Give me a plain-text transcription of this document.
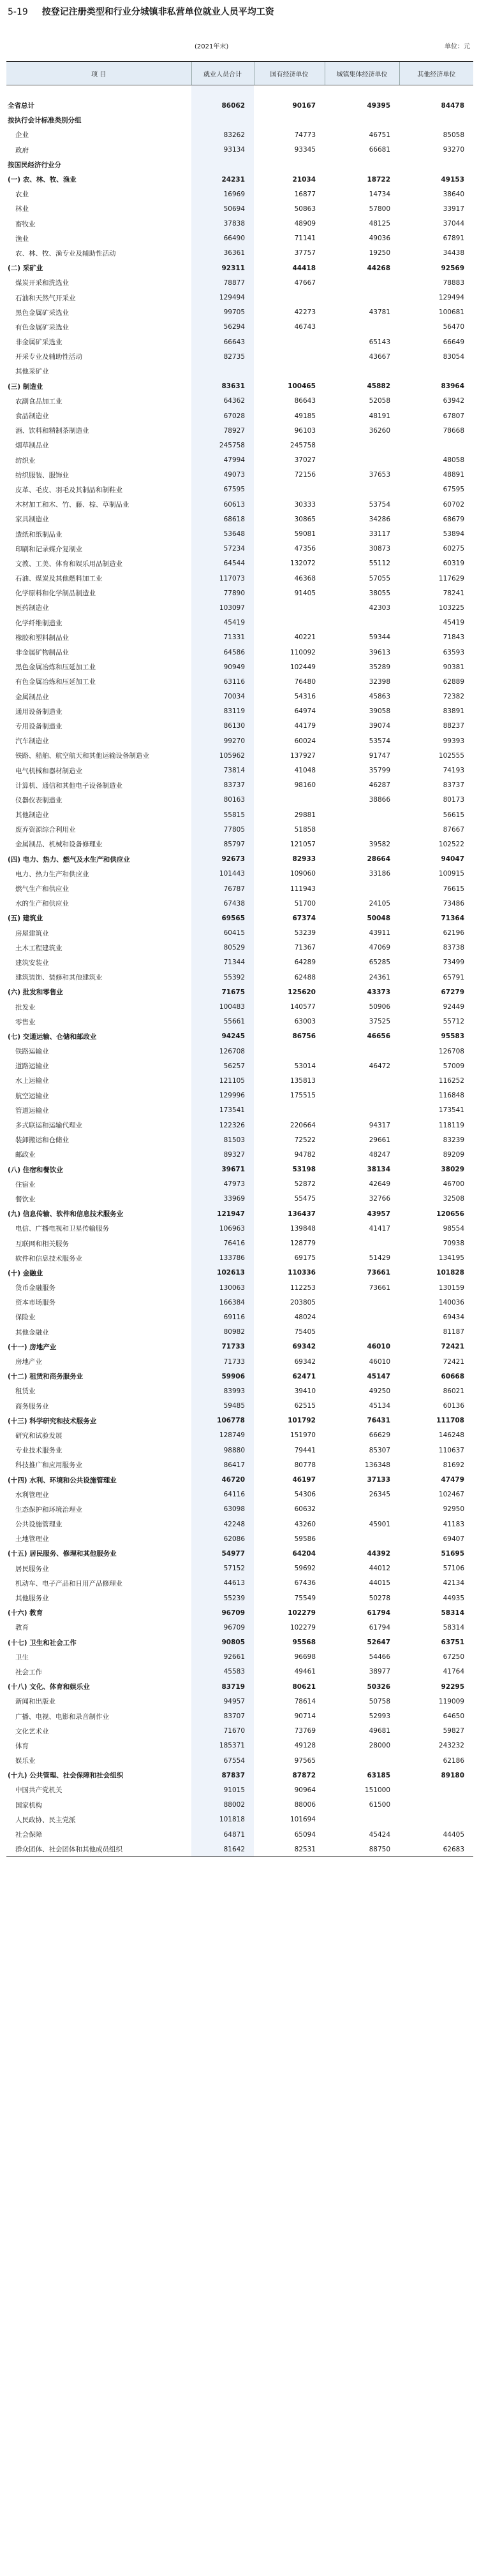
5-19 按登记注册类型和行业分城镇非私营单位就业人员平均工资
(2021年末)	单位：元
项 目	就业人员合计	国有经济单位	城镇集体经济单位	其他经济单位

全省总计	86062	90167	49395	84478
按执行会计标准类别分组				
企业	83262	74773	46751	85058
政府	93134	93345	66681	93270
按国民经济行业分				
(一) 农、林、牧、渔业	24231	21034	18722	49153
农业	16969	16877	14734	38640
林业	50694	50863	57800	33917
畜牧业	37838	48909	48125	37044
渔业	66490	71141	49036	67891
农、林、牧、渔专业及辅助性活动	36361	37757	19250	34438
(二) 采矿业	92311	44418	44268	92569
煤炭开采和洗选业	78877	47667		78883
石油和天然气开采业	129494			129494
黑色金属矿采选业	99705	42273	43781	100681
有色金属矿采选业	56294	46743		56470
非金属矿采选业	66643		65143	66649
开采专业及辅助性活动	82735		43667	83054
其他采矿业				
(三) 制造业	83631	100465	45882	83964
农副食品加工业	64362	86643	52058	63942
食品制造业	67028	49185	48191	67807
酒、饮料和精制茶制造业	78927	96103	36260	78668
烟草制品业	245758	245758		
纺织业	47994	37027		48058
纺织服装、服饰业	49073	72156	37653	48891
皮革、毛皮、羽毛及其制品和制鞋业	67595			67595
木材加工和木、竹、藤、棕、草制品业	60613	30333	53754	60702
家具制造业	68618	30865	34286	68679
造纸和纸制品业	53648	59081	33117	53894
印刷和记录媒介复制业	57234	47356	30873	60275
文教、工美、体育和娱乐用品制造业	64544	132072	55112	60319
石油、煤炭及其他燃料加工业	117073	46368	57055	117629
化学原料和化学制品制造业	77890	91405	38055	78241
医药制造业	103097		42303	103225
化学纤维制造业	45419			45419
橡胶和塑料制品业	71331	40221	59344	71843
非金属矿物制品业	64586	110092	39613	63593
黑色金属冶炼和压延加工业	90949	102449	35289	90381
有色金属冶炼和压延加工业	63116	76480	32398	62889
金属制品业	70034	54316	45863	72382
通用设备制造业	83119	64974	39058	83891
专用设备制造业	86130	44179	39074	88237
汽车制造业	99270	60024	53574	99393
铁路、船舶、航空航天和其他运输设备制造业	105962	137927	91747	102555
电气机械和器材制造业	73814	41048	35799	74193
计算机、通信和其他电子设备制造业	83737	98160	46287	83737
仪器仪表制造业	80163		38866	80173
其他制造业	55815	29881		56615
废弃资源综合利用业	77805	51858		87667
金属制品、机械和设备修理业	85797	121057	39582	102522
(四) 电力、热力、燃气及水生产和供应业	92673	82933	28664	94047
电力、热力生产和供应业	101443	109060	33186	100915
燃气生产和供应业	76787	111943		76615
水的生产和供应业	67438	51700	24105	73486
(五) 建筑业	69565	67374	50048	71364
房屋建筑业	60415	53239	43911	62196
土木工程建筑业	80529	71367	47069	83738
建筑安装业	71344	64289	65285	73499
建筑装饰、装修和其他建筑业	55392	62488	24361	65791
(六) 批发和零售业	71675	125620	43373	67279
批发业	100483	140577	50906	92449
零售业	55661	63003	37525	55712
(七) 交通运输、仓储和邮政业	94245	86756	46656	95583
铁路运输业	126708			126708
道路运输业	56257	53014	46472	57009
水上运输业	121105	135813		116252
航空运输业	129996	175515		116848
管道运输业	173541			173541
多式联运和运输代理业	122326	220664	94317	118119
装卸搬运和仓储业	81503	72522	29661	83239
邮政业	89327	94782	48247	89209
(八) 住宿和餐饮业	39671	53198	38134	38029
住宿业	47973	52872	42649	46700
餐饮业	33969	55475	32766	32508
(九) 信息传输、软件和信息技术服务业	121947	136437	43957	120656
电信、广播电视和卫星传输服务	106963	139848	41417	98554
互联网和相关服务	76416	128779		70938
软件和信息技术服务业	133786	69175	51429	134195
(十) 金融业	102613	110336	73661	101828
货币金融服务	130063	112253	73661	130159
资本市场服务	166384	203805		140036
保险业	69116	48024		69434
其他金融业	80982	75405		81187
(十一) 房地产业	71733	69342	46010	72421
房地产业	71733	69342	46010	72421
(十二) 租赁和商务服务业	59906	62471	45147	60668
租赁业	83993	39410	49250	86021
商务服务业	59485	62515	45134	60136
(十三) 科学研究和技术服务业	106778	101792	76431	111708
研究和试验发展	128749	151970	66629	146248
专业技术服务业	98880	79441	85307	110637
科技推广和应用服务业	86417	80778	136348	81692
(十四) 水利、环境和公共设施管理业	46720	46197	37133	47479
水利管理业	64116	54306	26345	102467
生态保护和环境治理业	63098	60632		92950
公共设施管理业	42248	43260	45901	41183
土地管理业	62086	59586		69407
(十五) 居民服务、修理和其他服务业	54977	64204	44392	51695
居民服务业	57152	59692	44012	57106
机动车、电子产品和日用产品修理业	44613	67436	44015	42134
其他服务业	55239	75549	50278	44935
(十六) 教育	96709	102279	61794	58314
教育	96709	102279	61794	58314
(十七) 卫生和社会工作	90805	95568	52647	63751
卫生	92661	96698	54466	67250
社会工作	45583	49461	38977	41764
(十八) 文化、体育和娱乐业	83719	80621	50326	92295
新闻和出版业	94957	78614	50758	119009
广播、电视、电影和录音制作业	83707	90714	52993	64650
文化艺术业	71670	73769	49681	59827
体育	185371	49128	28000	243232
娱乐业	67554	97565		62186
(十九) 公共管理、社会保障和社会组织	87837	87872	63185	89180
中国共产党机关	91015	90964	151000	
国家机构	88002	88006	61500	
人民政协、民主党派	101818	101694		
社会保障	64871	65094	45424	44405
群众团体、社会团体和其他成员组织	81642	82531	88750	62683
